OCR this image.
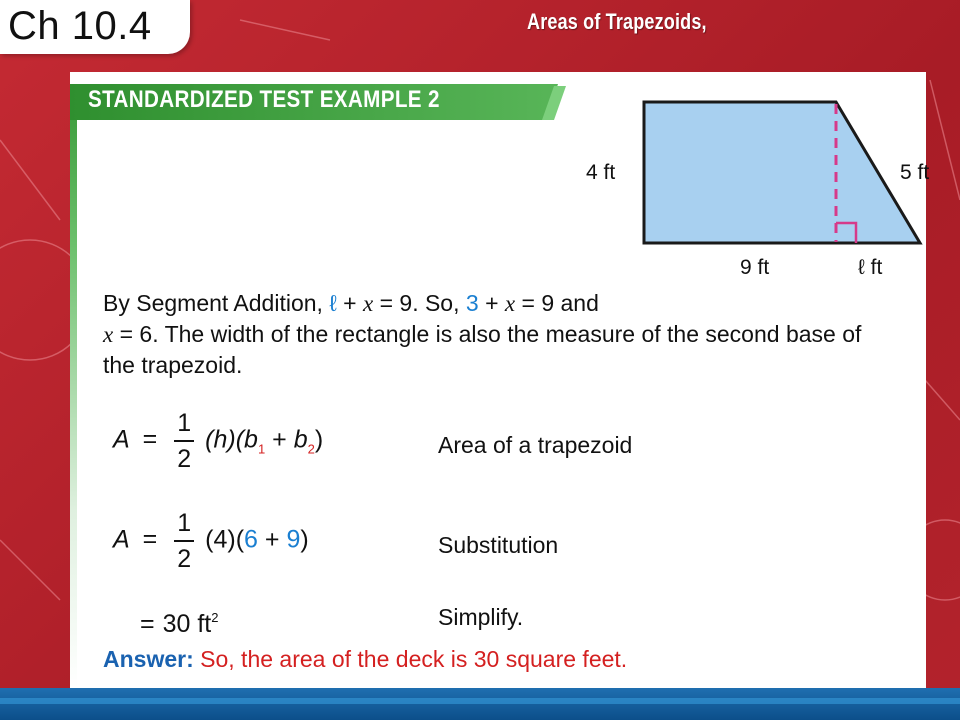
Ch 10.4	Areas of Trapezoids,
STANDARDIZED TEST EXAMPLE 2
4 ft	5 ft
9 ft	ℓ ft
By Segment Addition, ℓ + x = 9. So, 3 + x = 9 and
x = 6. The width of the rectangle is also the measure of the second base of the trapezoid.
$A = \frac{1}{2} (h)(b_1 + b_2)$	Area of a trapezoid
$A = \frac{1}{2} (4)(6 + 9)$	Substitution
= 30 $ft^2$	Simplify.
Answer: So, the area of the deck is 30 square feet.
